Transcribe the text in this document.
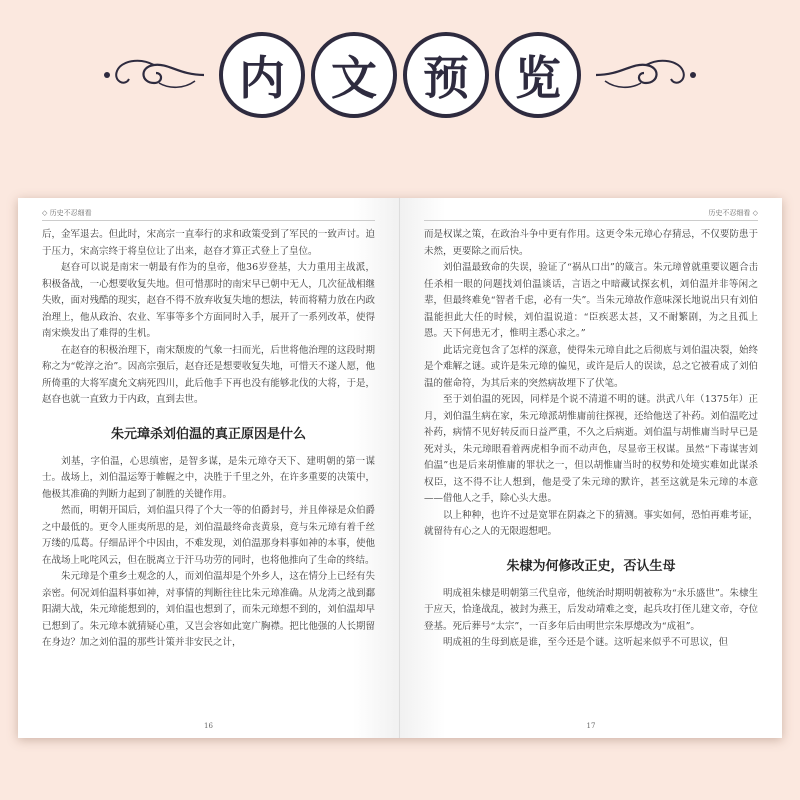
内	文	预	览
◇ 历史不忍细看

后，金军退去。但此时，宋高宗一直奉行的求和政策受到了军民的一致声讨。迫于压力，宋高宗终于将皇位让了出来，赵昚才算正式登上了皇位。

赵昚可以说是南宋一朝最有作为的皇帝，他36岁登基，大力重用主战派，积极备战，一心想要收复失地。但可惜那时的南宋早已朝中无人，几次征战相继失败，面对残酷的现实，赵昚不得不放弃收复失地的想法，转而将精力放在内政治理上，他从政治、农业、军事等多个方面同时入手，展开了一系列改革，使得南宋焕发出了难得的生机。

在赵昚的积极治理下，南宋颓废的气象一扫而光，后世将他治理的这段时期称之为“乾淳之治”。因高宗强后，赵昚还是想要收复失地，可惜天不遂人愿，他所倚重的大将军虞允文病死四川，此后他手下再也没有能够北伐的大将，于是，赵昚也就一直致力于内政，直到去世。

朱元璋杀刘伯温的真正原因是什么

刘基，字伯温，心思缜密，是智多谋，是朱元璋夺天下、建明朝的第一谋士。战场上，刘伯温运筹于帷幄之中，决胜于千里之外，在许多重要的决策中，他极其准确的判断力起到了制胜的关键作用。

然而，明朝开国后，刘伯温只得了个大一等的伯爵封号，并且俸禄是众伯爵之中最低的。更令人匪夷所思的是，刘伯温最终命丧黄泉，竟与朱元璋有着千丝万缕的瓜葛。仔细品评个中因由，不难发现，刘伯温那身料事如神的本事，使他在战场上叱咤风云，但在脱离立于汗马功劳的同时，也将他推向了生命的终结。

朱元璋是个重乡土观念的人，而刘伯温却是个外乡人，这在情分上已经有失亲密。何况刘伯温料事如神，对事情的判断往往比朱元璋准确。从龙湾之战到鄱阳湖大战，朱元璋能想到的，刘伯温也想到了，而朱元璋想不到的，刘伯温却早已想到了。朱元璋本就猜疑心重，又岂会容如此宽广胸襟。把比他强的人长期留在身边？加之刘伯温的那些计策并非安民之计，

16
历史不忍细看 ◇

而是权谋之策，在政治斗争中更有作用。这更令朱元璋心存猜忌，不仅要防患于未然，更要除之而后快。

刘伯温最致命的失误，验证了“祸从口出”的箴言。朱元璋曾就重要议题合击任杀相一眼的问题找刘伯温谈话，言语之中暗藏试探玄机，刘伯温并非等闲之辈，但最终难免“智者千虑，必有一失”。当朱元璋故作意味深长地说出只有刘伯温能担此大任的时候，刘伯温说道：“臣疾恶太甚，又不耐繁剧，为之且孤上恩。天下何患无才，惟明主悉心求之。”

此话完竟包含了怎样的深意，使得朱元璋自此之后彻底与刘伯温决裂，始终是个难解之谜。或许是朱元璋的偏见，或许是后人的误读，总之它被看成了刘伯温的催命符，为其后来的突然病故埋下了伏笔。

至于刘伯温的死因，同样是个说不清道不明的谜。洪武八年（1375年）正月，刘伯温生病在家，朱元璋派胡惟庸前往探视，还给他送了补药。刘伯温吃过补药，病情不见好转反而日益严重，不久之后病逝。刘伯温与胡惟庸当时早已是死对头，朱元璋眼看着两虎相争而不动声色，尽显帝王权谋。虽然“下毒谋害刘伯温”也是后来胡惟庸的罪状之一，但以胡惟庸当时的权势和处境实难如此谋杀权臣，这不得不让人想到，他是受了朱元璋的默许，甚至这就是朱元璋的本意——借他人之手，除心头大患。

以上种种，也许不过是宽罪在阴森之下的猜测。事实如何，恐怕再难考证，就留待有心之人的无限遐想吧。

朱棣为何修改正史，否认生母

明成祖朱棣是明朝第三代皇帝，他统治时期明朝被称为“永乐盛世”。朱棣生于应天，恰逢战乱，被封为燕王，后发动靖难之变，起兵攻打侄儿建文帝，夺位登基。死后葬号“太宗”，一百多年后由明世宗朱厚熜改为“成祖”。

明成祖的生母到底是谁，至今还是个谜。这听起来似乎不可思议，但

17
